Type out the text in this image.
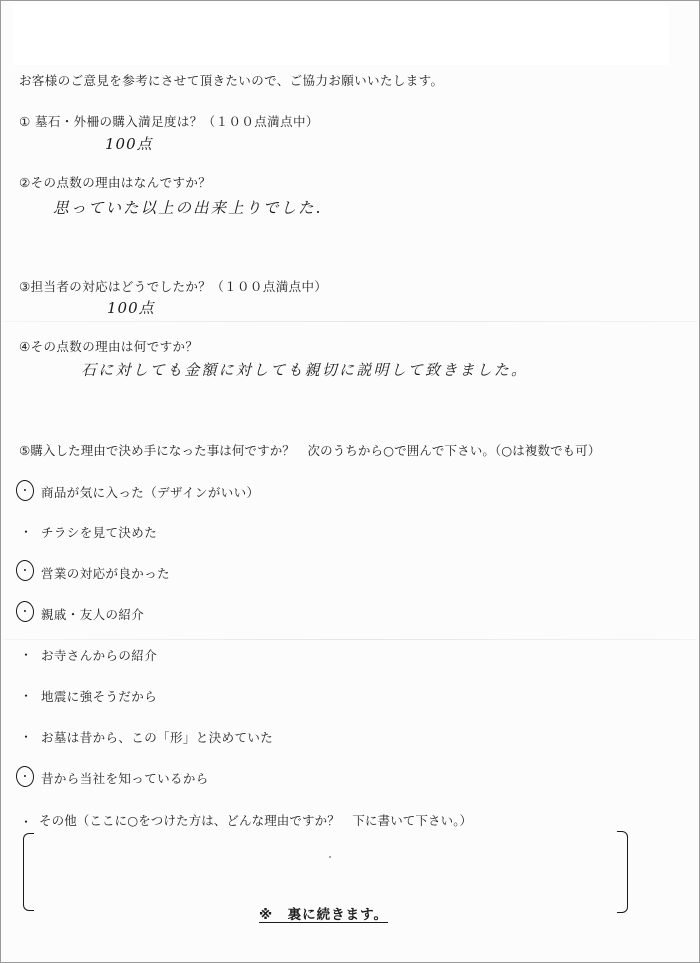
お客様のご意見を参考にさせて頂きたいので、ご協力お願いいたします。
① 墓石・外柵の購入満足度は？（１００点満点中）
100点
②その点数の理由はなんですか？
思っていた以上の出来上りでした.
③担当者の対応はどうでしたか？（１００点満点中）
100点
④その点数の理由は何ですか？
石に対しても金額に対しても親切に説明して致きました。
⑤購入した理由で決め手になった事は何ですか？　次のうちから○で囲んで下さい。（○は複数でも可）
商品が気に入った（デザインがいい）
・ チラシを見て決めた
営業の対応が良かった
親戚・友人の紹介
・ お寺さんからの紹介
・ 地震に強そうだから
・ お墓は昔から、この「形」と決めていた
昔から当社を知っているから
・ その他（ここに○をつけた方は、どんな理由ですか？　下に書いて下さい。）
※　裏に続きます。
